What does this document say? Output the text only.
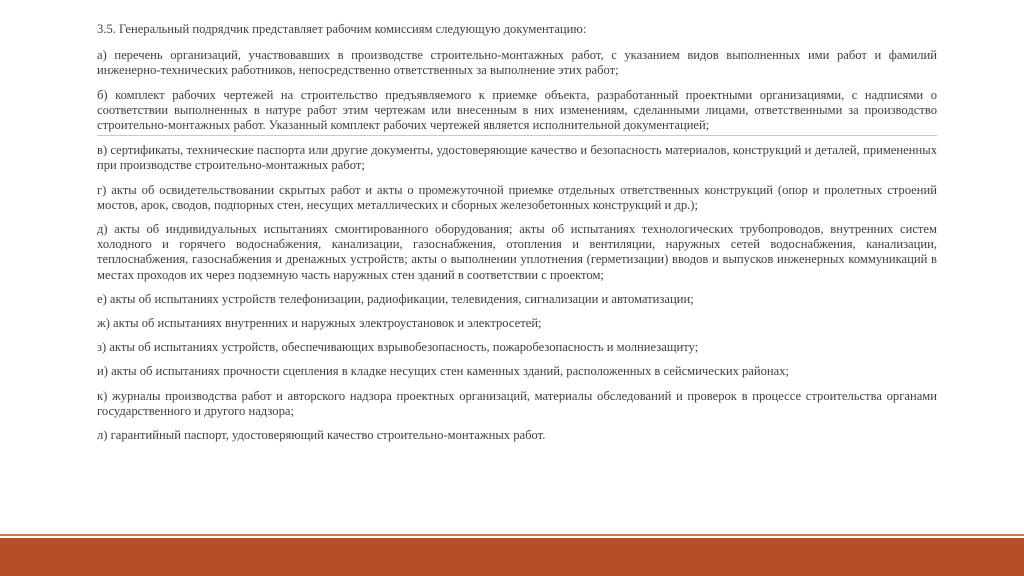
3.5. Генеральный подрядчик представляет рабочим комиссиям следующую документацию:

а) перечень организаций, участвовавших в производстве строительно-монтажных работ, с указанием видов выполненных ими работ и фамилий инженерно-технических работников, непосредственно ответственных за выполнение этих работ;

б) комплект рабочих чертежей на строительство предъявляемого к приемке объекта, разработанный проектными организациями, с надписями о соответствии выполненных в натуре работ этим чертежам или внесенным в них изменениям, сделанными лицами, ответственными за производство строительно-монтажных работ. Указанный комплект рабочих чертежей является исполнительной документацией;

в) сертификаты, технические паспорта или другие документы, удостоверяющие качество и безопасность материалов, конструкций и деталей, примененных при производстве строительно-монтажных работ;

г) акты об освидетельствовании скрытых работ и акты о промежуточной приемке отдельных ответственных конструкций (опор и пролетных строений мостов, арок, сводов, подпорных стен, несущих металлических и сборных железобетонных конструкций и др.);

д) акты об индивидуальных испытаниях смонтированного оборудования; акты об испытаниях технологических трубопроводов, внутренних систем холодного и горячего водоснабжения, канализации, газоснабжения, отопления и вентиляции, наружных сетей водоснабжения, канализации, теплоснабжения, газоснабжения и дренажных устройств; акты о выполнении уплотнения (герметизации) вводов и выпусков инженерных коммуникаций в местах проходов их через подземную часть наружных стен зданий в соответствии с проектом;

е) акты об испытаниях устройств телефонизации, радиофикации, телевидения, сигнализации и автоматизации;

ж) акты об испытаниях внутренних и наружных электроустановок и электросетей;

з) акты об испытаниях устройств, обеспечивающих взрывобезопасность, пожаробезопасность и молниезащиту;

и) акты об испытаниях прочности сцепления в кладке несущих стен каменных зданий, расположенных в сейсмических районах;

к) журналы производства работ и авторского надзора проектных организаций, материалы обследований и проверок в процессе строительства органами государственного и другого надзора;

л) гарантийный паспорт, удостоверяющий качество строительно-монтажных работ.
